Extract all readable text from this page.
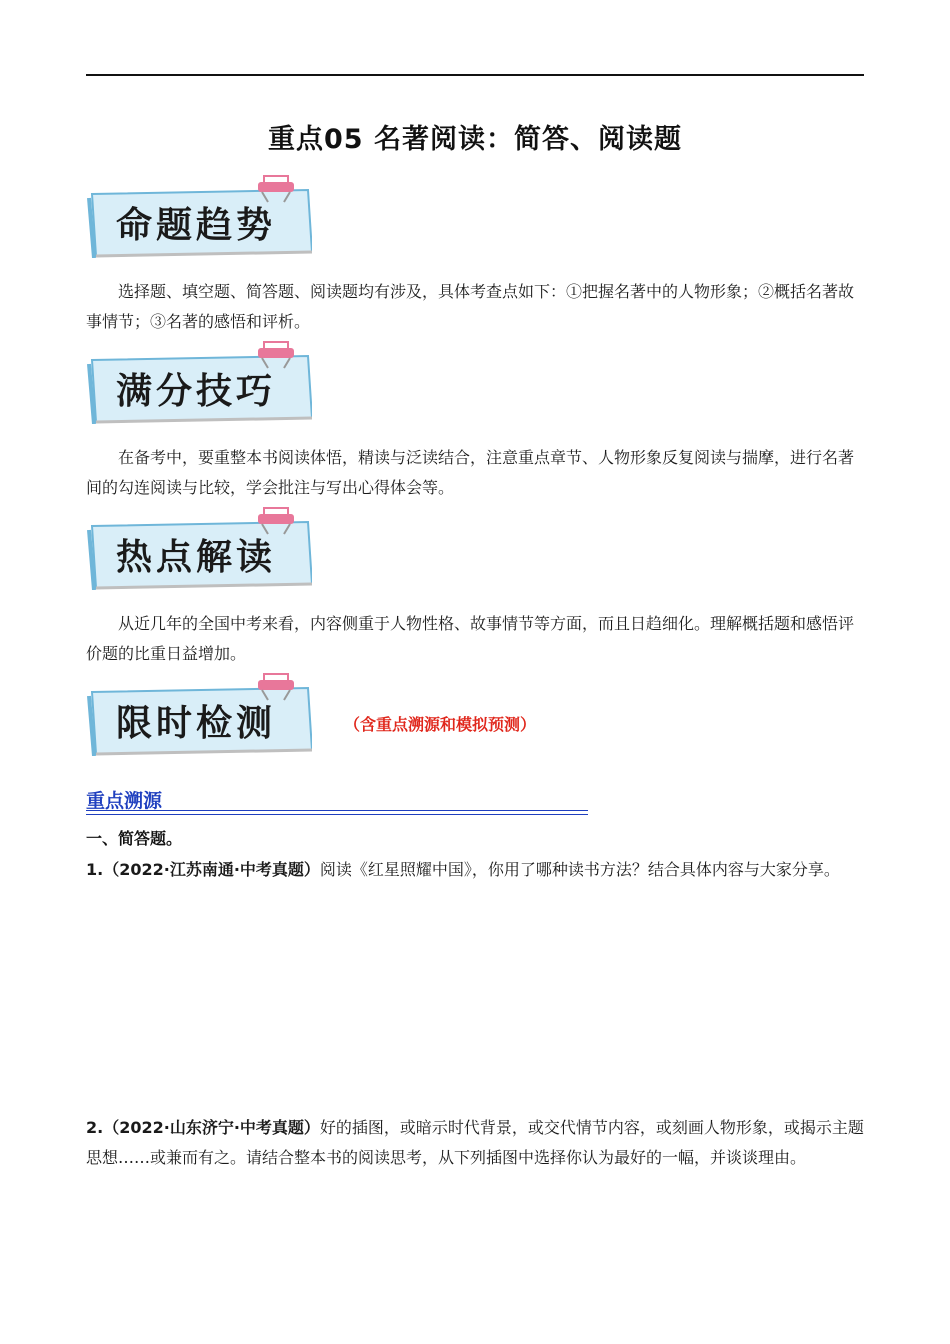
重点05 名著阅读：简答、阅读题
命题趋势
选择题、填空题、简答题、阅读题均有涉及，具体考查点如下：①把握名著中的人物形象；②概括名著故事情节；③名著的感悟和评析。
满分技巧
在备考中，要重整本书阅读体悟，精读与泛读结合，注意重点章节、人物形象反复阅读与揣摩，进行名著间的勾连阅读与比较，学会批注与写出心得体会等。
热点解读
从近几年的全国中考来看，内容侧重于人物性格、故事情节等方面，而且日趋细化。理解概括题和感悟评价题的比重日益增加。
限时检测	（含重点溯源和模拟预测）
重点溯源
一、简答题。
1.（2022·江苏南通·中考真题）阅读《红星照耀中国》，你用了哪种读书方法？结合具体内容与大家分享。
2.（2022·山东济宁·中考真题）好的插图，或暗示时代背景，或交代情节内容，或刻画人物形象，或揭示主题思想……或兼而有之。请结合整本书的阅读思考，从下列插图中选择你认为最好的一幅，并谈谈理由。
